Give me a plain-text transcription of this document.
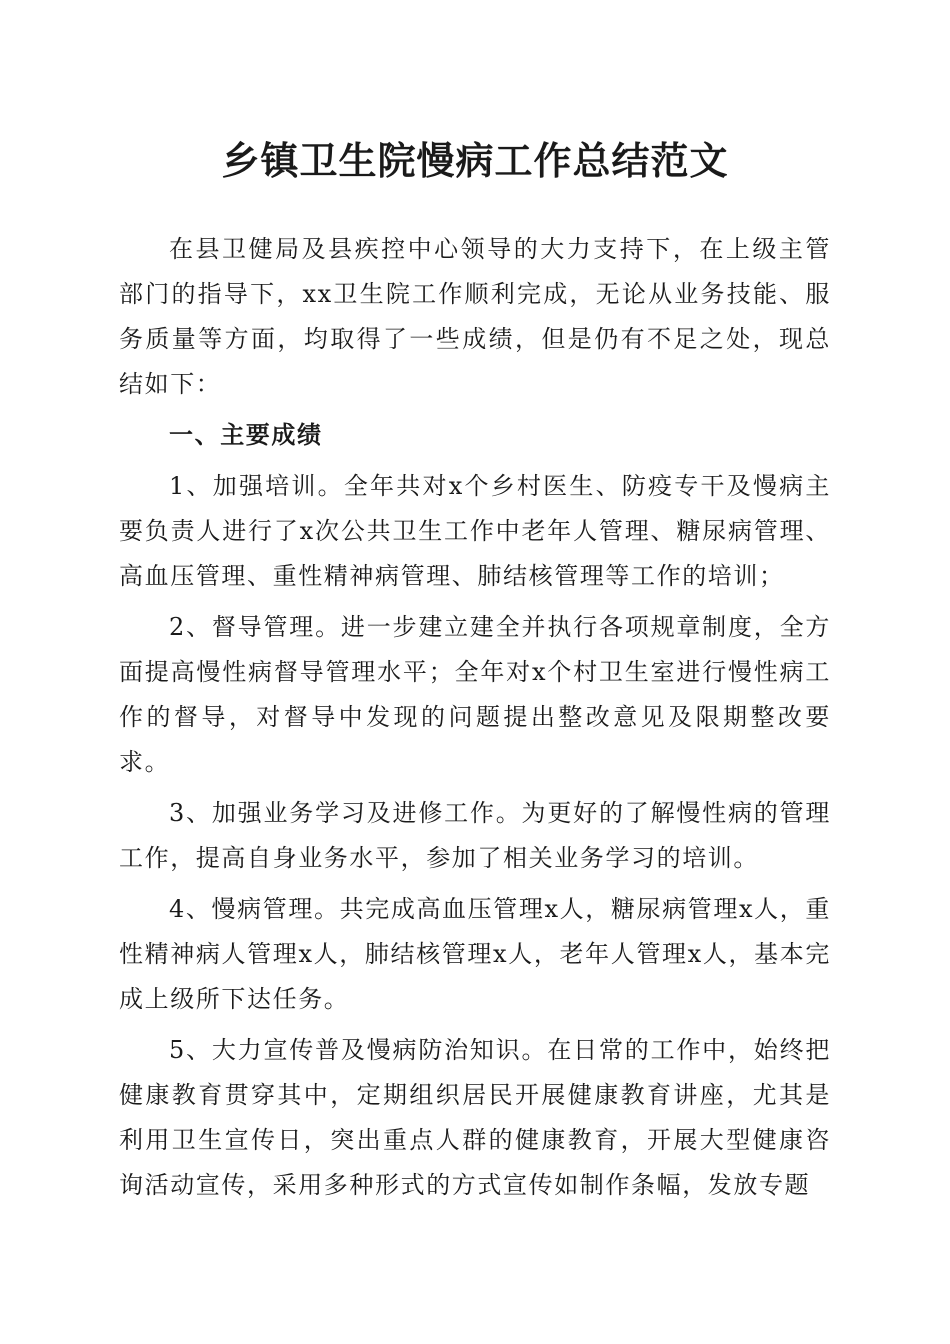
乡镇卫生院慢病工作总结范文

在县卫健局及县疾控中心领导的大力支持下，在上级主管部门的指导下，xx卫生院工作顺利完成，无论从业务技能、服务质量等方面，均取得了一些成绩，但是仍有不足之处，现总结如下：

一、主要成绩

1、加强培训。全年共对x个乡村医生、防疫专干及慢病主要负责人进行了x次公共卫生工作中老年人管理、糖尿病管理、高血压管理、重性精神病管理、肺结核管理等工作的培训；

2、督导管理。进一步建立建全并执行各项规章制度，全方面提高慢性病督导管理水平；全年对x个村卫生室进行慢性病工作的督导，对督导中发现的问题提出整改意见及限期整改要求。

3、加强业务学习及进修工作。为更好的了解慢性病的管理工作，提高自身业务水平，参加了相关业务学习的培训。

4、慢病管理。共完成高血压管理x人，糖尿病管理x人，重性精神病人管理x人，肺结核管理x人，老年人管理x人，基本完成上级所下达任务。

5、大力宣传普及慢病防治知识。在日常的工作中，始终把健康教育贯穿其中，定期组织居民开展健康教育讲座，尤其是利用卫生宣传日，突出重点人群的健康教育，开展大型健康咨询活动宣传，采用多种形式的方式宣传如制作条幅，发放专题
